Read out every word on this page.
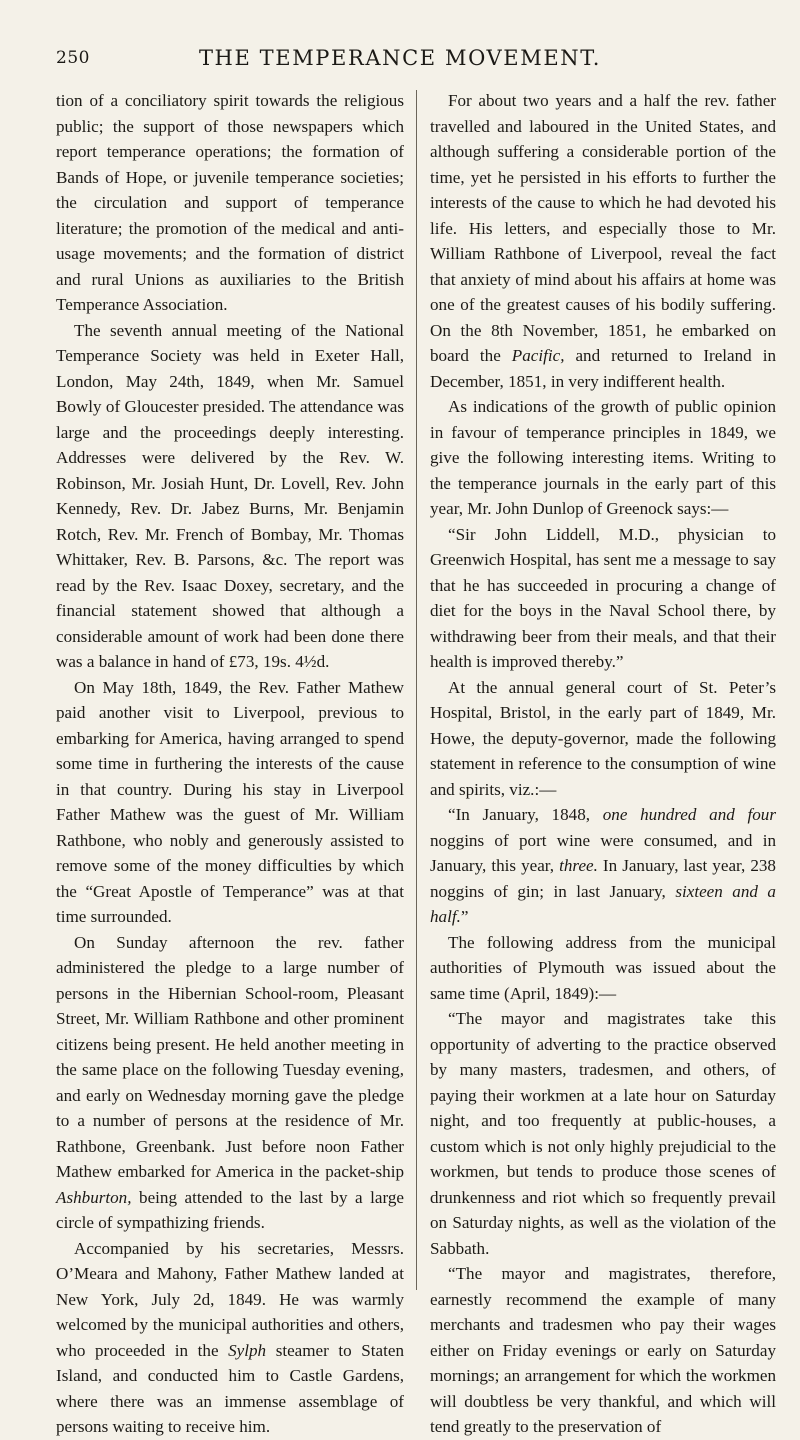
250	THE TEMPERANCE MOVEMENT.

tion of a conciliatory spirit towards the religious public; the support of those newspapers which report temperance operations; the formation of Bands of Hope, or juvenile temperance societies; the circulation and support of temperance literature; the promotion of the medical and anti-usage movements; and the formation of district and rural Unions as auxiliaries to the British Temperance Association.

The seventh annual meeting of the National Temperance Society was held in Exeter Hall, London, May 24th, 1849, when Mr. Samuel Bowly of Gloucester presided. The attendance was large and the proceedings deeply interesting. Addresses were delivered by the Rev. W. Robinson, Mr. Josiah Hunt, Dr. Lovell, Rev. John Kennedy, Rev. Dr. Jabez Burns, Mr. Benjamin Rotch, Rev. Mr. French of Bombay, Mr. Thomas Whittaker, Rev. B. Parsons, &c. The report was read by the Rev. Isaac Doxey, secretary, and the financial statement showed that although a considerable amount of work had been done there was a balance in hand of £73, 19s. 4½d.

On May 18th, 1849, the Rev. Father Mathew paid another visit to Liverpool, previous to embarking for America, having arranged to spend some time in furthering the interests of the cause in that country. During his stay in Liverpool Father Mathew was the guest of Mr. William Rathbone, who nobly and generously assisted to remove some of the money difficulties by which the “Great Apostle of Temperance” was at that time surrounded.

On Sunday afternoon the rev. father administered the pledge to a large number of persons in the Hibernian School-room, Pleasant Street, Mr. William Rathbone and other prominent citizens being present. He held another meeting in the same place on the following Tuesday evening, and early on Wednesday morning gave the pledge to a number of persons at the residence of Mr. Rathbone, Greenbank. Just before noon Father Mathew embarked for America in the packet-ship Ashburton, being attended to the last by a large circle of sympathizing friends.

Accompanied by his secretaries, Messrs. O’Meara and Mahony, Father Mathew landed at New York, July 2d, 1849. He was warmly welcomed by the municipal authorities and others, who proceeded in the Sylph steamer to Staten Island, and conducted him to Castle Gardens, where there was an immense assemblage of persons waiting to receive him.

For about two years and a half the rev. father travelled and laboured in the United States, and although suffering a considerable portion of the time, yet he persisted in his efforts to further the interests of the cause to which he had devoted his life. His letters, and especially those to Mr. William Rathbone of Liverpool, reveal the fact that anxiety of mind about his affairs at home was one of the greatest causes of his bodily suffering. On the 8th November, 1851, he embarked on board the Pacific, and returned to Ireland in December, 1851, in very indifferent health.

As indications of the growth of public opinion in favour of temperance principles in 1849, we give the following interesting items. Writing to the temperance journals in the early part of this year, Mr. John Dunlop of Greenock says:—

“Sir John Liddell, M.D., physician to Greenwich Hospital, has sent me a message to say that he has succeeded in procuring a change of diet for the boys in the Naval School there, by withdrawing beer from their meals, and that their health is improved thereby.”

At the annual general court of St. Peter’s Hospital, Bristol, in the early part of 1849, Mr. Howe, the deputy-governor, made the following statement in reference to the consumption of wine and spirits, viz.:—

“In January, 1848, one hundred and four noggins of port wine were consumed, and in January, this year, three. In January, last year, 238 noggins of gin; in last January, sixteen and a half.”

The following address from the municipal authorities of Plymouth was issued about the same time (April, 1849):—

“The mayor and magistrates take this opportunity of adverting to the practice observed by many masters, tradesmen, and others, of paying their workmen at a late hour on Saturday night, and too frequently at public-houses, a custom which is not only highly prejudicial to the workmen, but tends to produce those scenes of drunkenness and riot which so frequently prevail on Saturday nights, as well as the violation of the Sabbath.

“The mayor and magistrates, therefore, earnestly recommend the example of many merchants and tradesmen who pay their wages either on Friday evenings or early on Saturday mornings; an arrangement for which the workmen will doubtless be very thankful, and which will tend greatly to the preservation of
